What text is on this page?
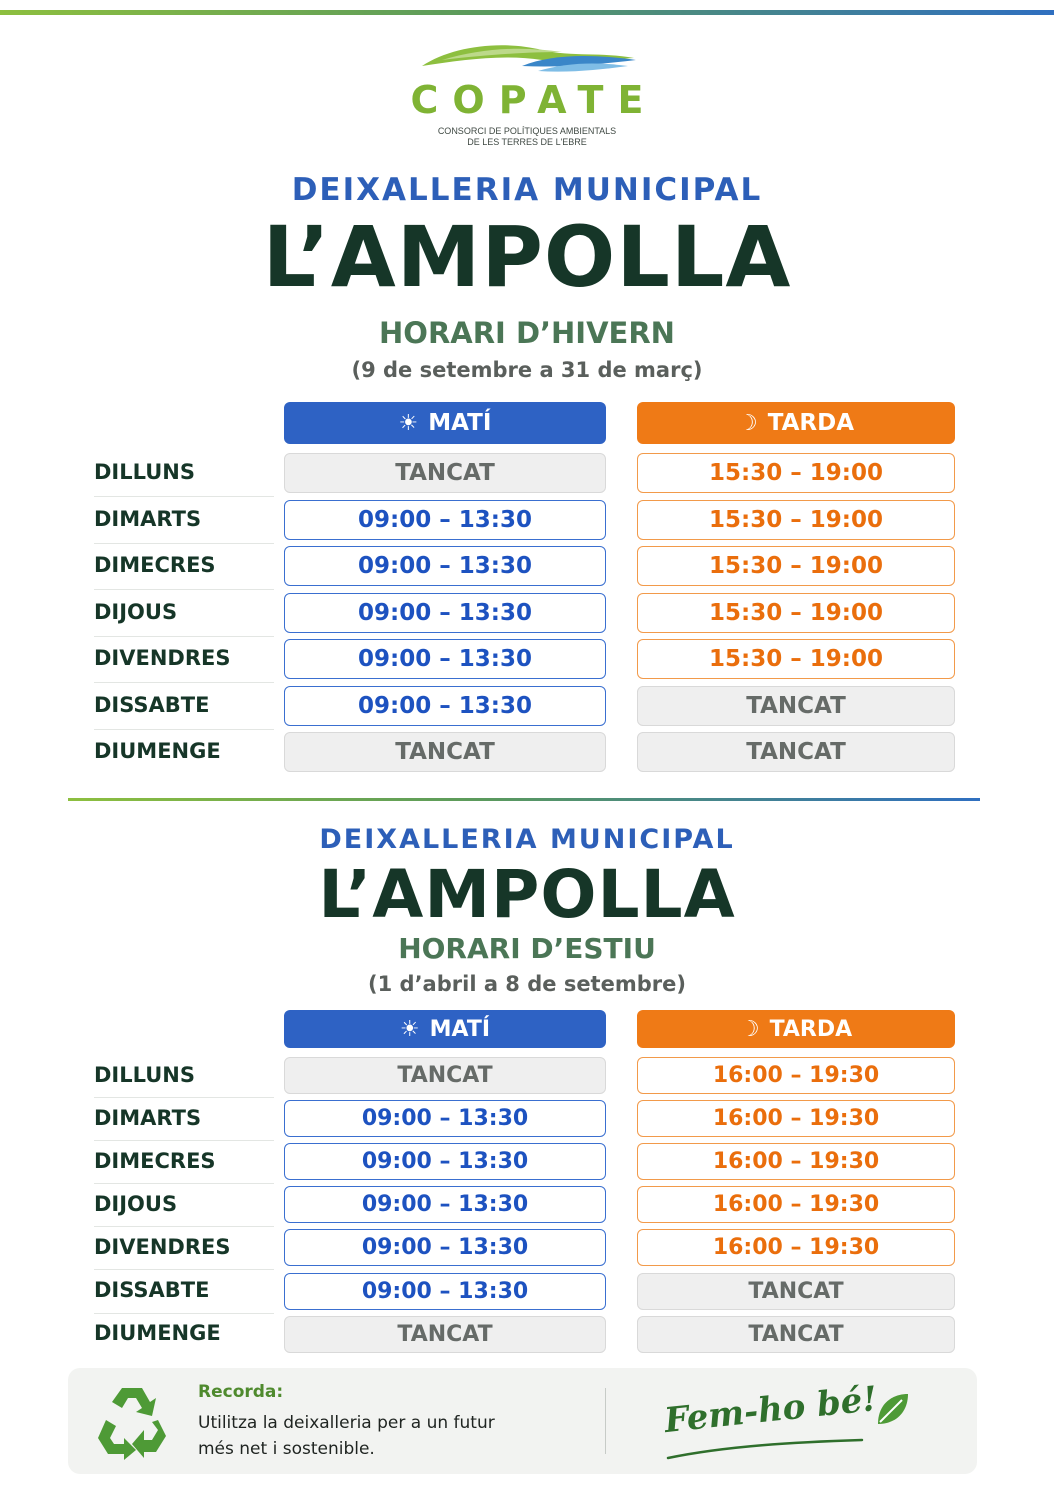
COPATE
CONSORCI DE POLÍTIQUES AMBIENTALS
DE LES TERRES DE L'EBRE
DEIXALLERIA MUNICIPAL
L’AMPOLLA
HORARI D’HIVERN
(9 de setembre a 31 de març)
☀ MATÍ	☽ TARDA
DILLUNS	TANCAT	15:30 – 19:00
DIMARTS	09:00 – 13:30	15:30 – 19:00
DIMECRES	09:00 – 13:30	15:30 – 19:00
DIJOUS	09:00 – 13:30	15:30 – 19:00
DIVENDRES	09:00 – 13:30	15:30 – 19:00
DISSABTE	09:00 – 13:30	TANCAT
DIUMENGE	TANCAT	TANCAT
DEIXALLERIA MUNICIPAL
L’AMPOLLA
HORARI D’ESTIU
(1 d’abril a 8 de setembre)
☀ MATÍ	☽ TARDA
DILLUNS	TANCAT	16:00 – 19:30
DIMARTS	09:00 – 13:30	16:00 – 19:30
DIMECRES	09:00 – 13:30	16:00 – 19:30
DIJOUS	09:00 – 13:30	16:00 – 19:30
DIVENDRES	09:00 – 13:30	16:00 – 19:30
DISSABTE	09:00 – 13:30	TANCAT
DIUMENGE	TANCAT	TANCAT
Recorda:
Utilitza la deixalleria per a un futur
més net i sostenible.
Fem-ho bé!
